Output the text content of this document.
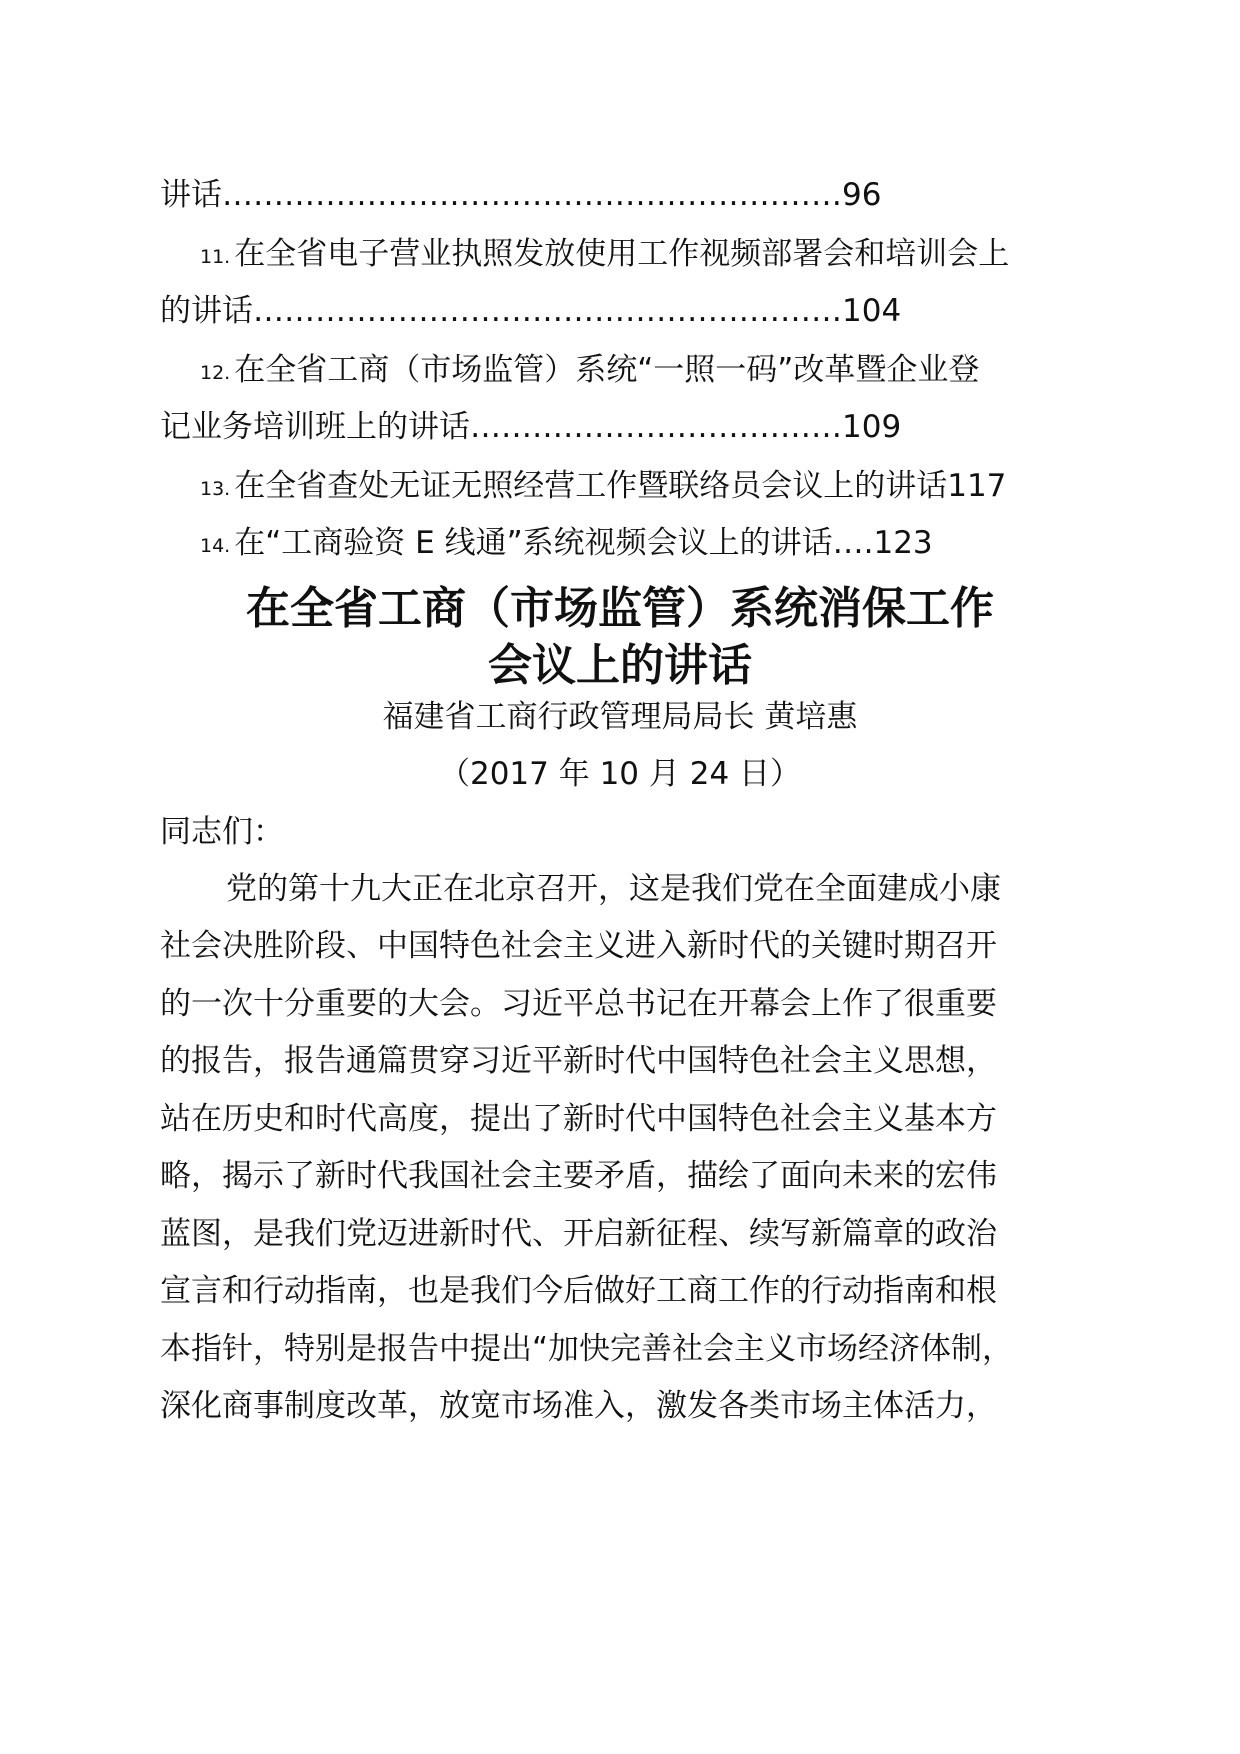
讲话……………………………………………………96
11. 在全省电子营业执照发放使用工作视频部署会和培训会上
的讲话…………………………………………………104
12. 在全省工商（市场监管）系统“一照一码”改革暨企业登
记业务培训班上的讲话………………………………109
13. 在全省查处无证无照经营工作暨联络员会议上的讲话117
14. 在“工商验资 E 线通”系统视频会议上的讲话….123
在全省工商（市场监管）系统消保工作
会议上的讲话
福建省工商行政管理局局长 黄培惠
（2017 年 10 月 24 日）
同志们：
党的第十九大正在北京召开，这是我们党在全面建成小康
社会决胜阶段、中国特色社会主义进入新时代的关键时期召开
的一次十分重要的大会。习近平总书记在开幕会上作了很重要
的报告，报告通篇贯穿习近平新时代中国特色社会主义思想，
站在历史和时代高度，提出了新时代中国特色社会主义基本方
略，揭示了新时代我国社会主要矛盾，描绘了面向未来的宏伟
蓝图，是我们党迈进新时代、开启新征程、续写新篇章的政治
宣言和行动指南，也是我们今后做好工商工作的行动指南和根
本指针，特别是报告中提出“加快完善社会主义市场经济体制，
深化商事制度改革，放宽市场准入，激发各类市场主体活力，
